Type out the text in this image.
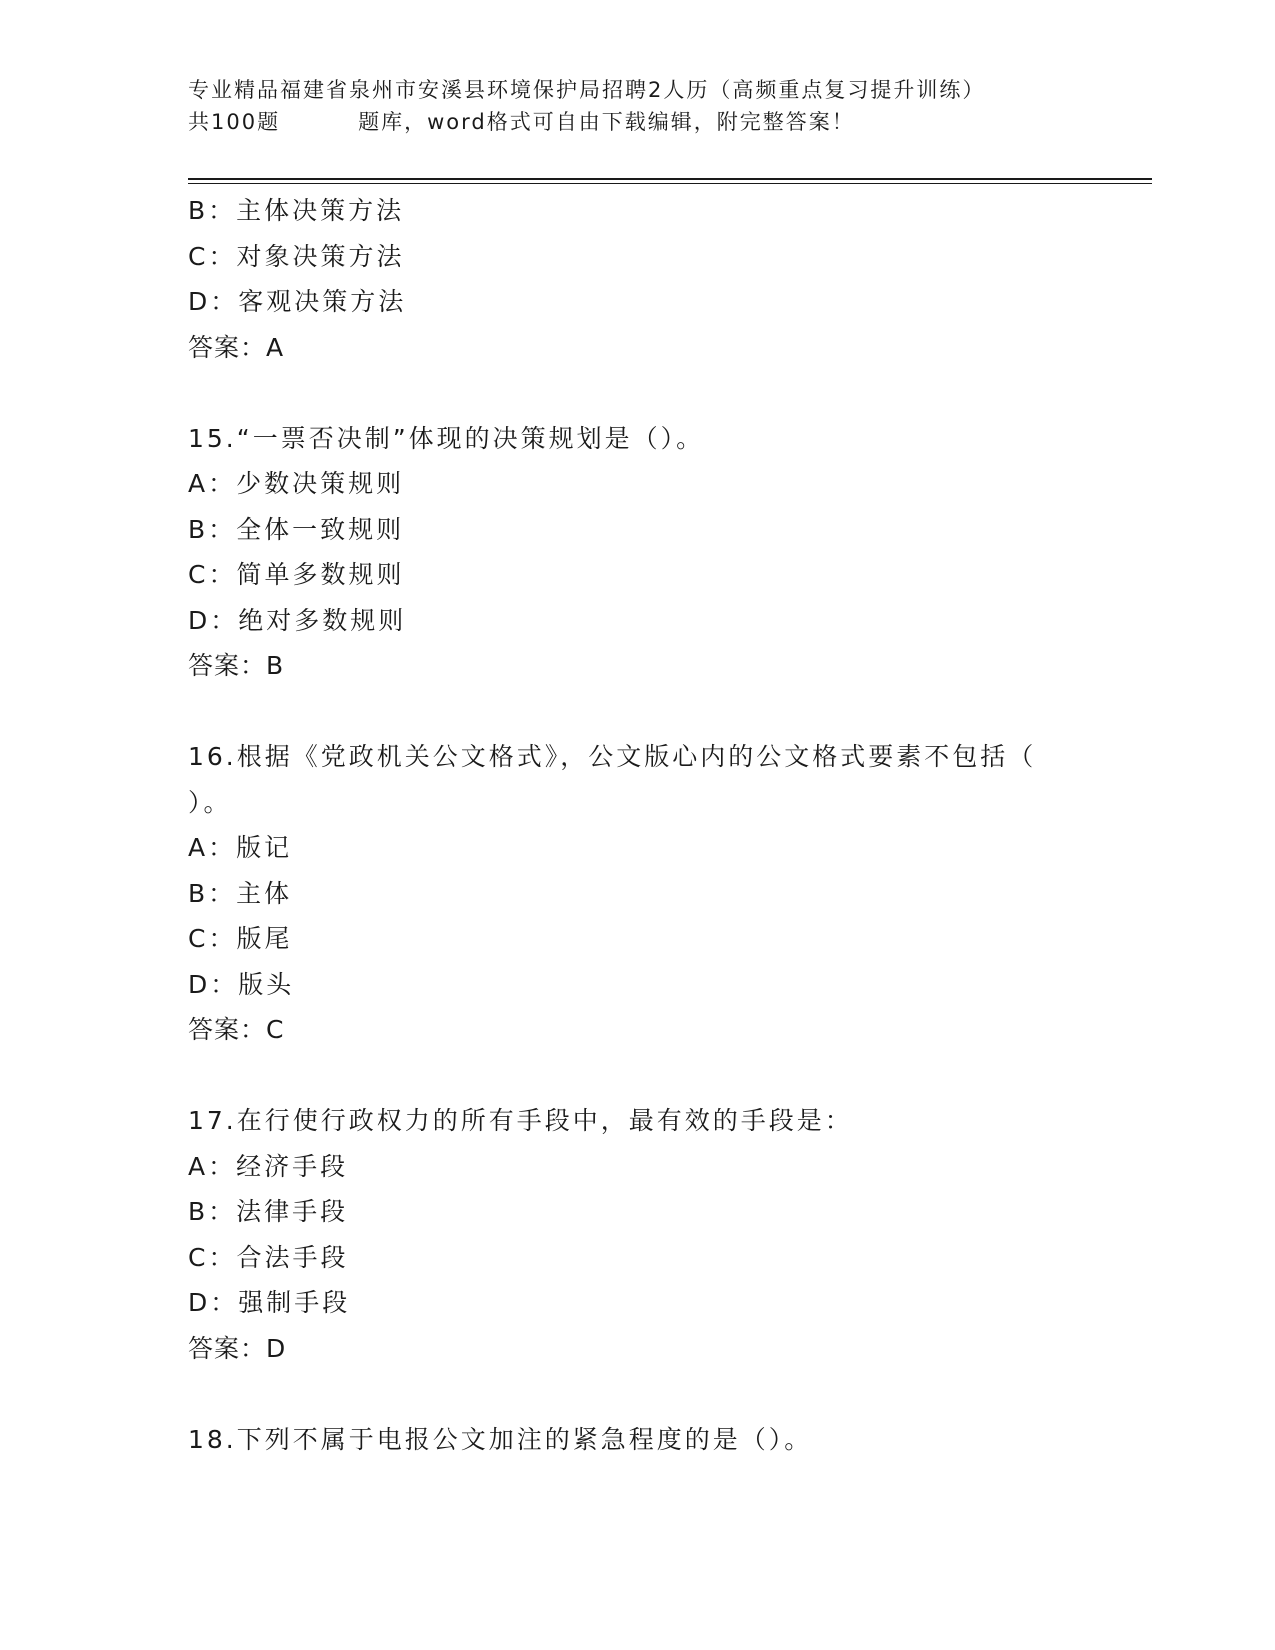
专业精品福建省泉州市安溪县环境保护局招聘2人历（高频重点复习提升训练）
共100题	题库，word格式可自由下载编辑，附完整答案！
B：主体决策方法
C：对象决策方法
D：客观决策方法
答案：A
15.“一票否决制”体现的决策规划是（）。
A：少数决策规则
B：全体一致规则
C：简单多数规则
D：绝对多数规则
答案：B
16.根据《党政机关公文格式》，公文版心内的公文格式要素不包括（
）。
A：版记
B：主体
C：版尾
D：版头
答案：C
17.在行使行政权力的所有手段中，最有效的手段是：
A：经济手段
B：法律手段
C：合法手段
D：强制手段
答案：D
18.下列不属于电报公文加注的紧急程度的是（）。
